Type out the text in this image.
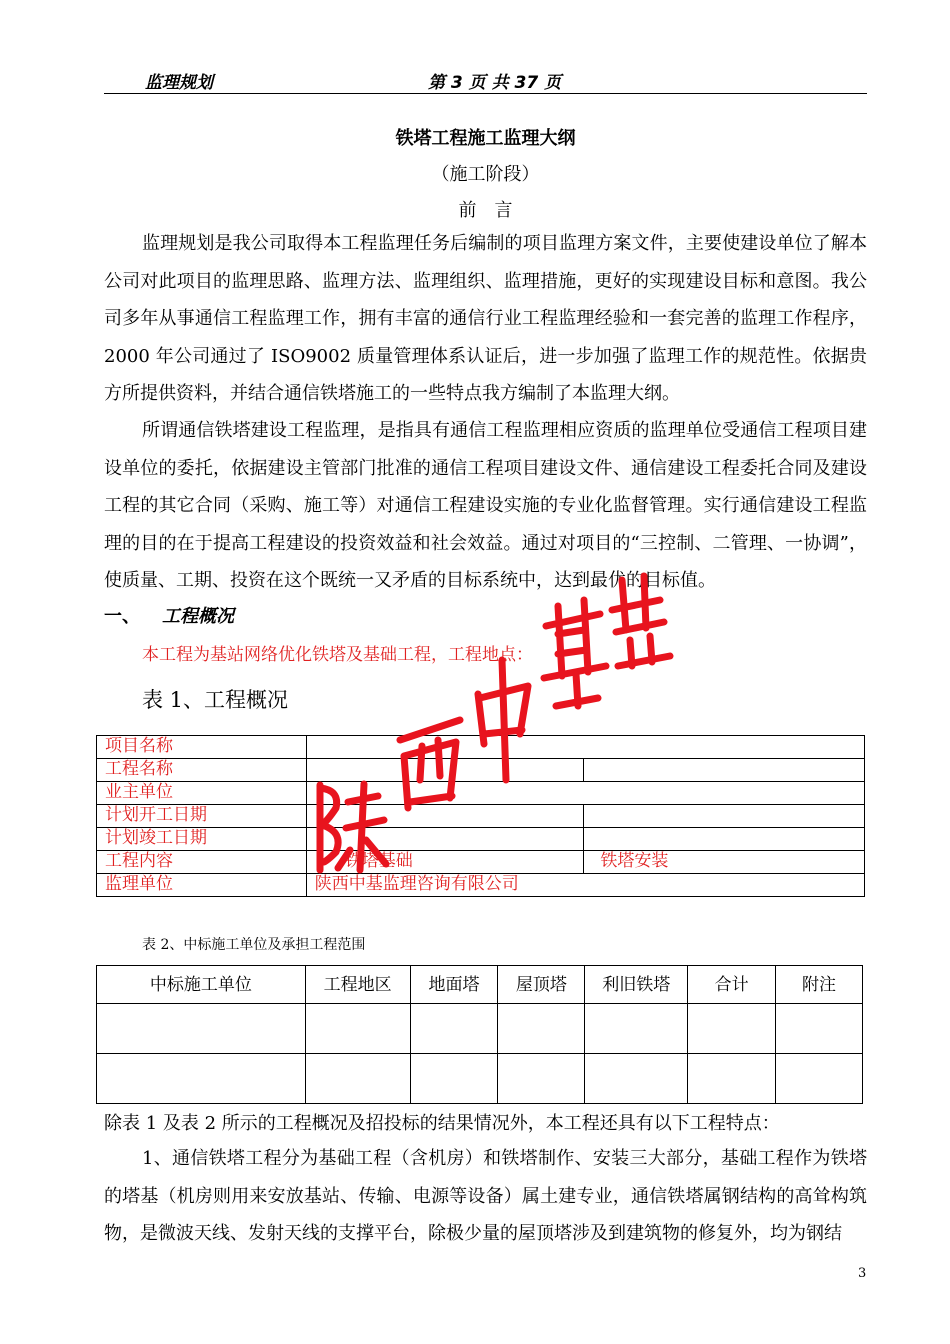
监理规划	第 3 页 共 37 页
铁塔工程施工监理大纲
（施工阶段）
前　言
监理规划是我公司取得本工程监理任务后编制的项目监理方案文件，主要使建设单位了解本公司对此项目的监理思路、监理方法、监理组织、监理措施，更好的实现建设目标和意图。我公司多年从事通信工程监理工作，拥有丰富的通信行业工程监理经验和一套完善的监理工作程序，2000 年公司通过了 ISO9002 质量管理体系认证后，进一步加强了监理工作的规范性。依据贵方所提供资料，并结合通信铁塔施工的一些特点我方编制了本监理大纲。
所谓通信铁塔建设工程监理，是指具有通信工程监理相应资质的监理单位受通信工程项目建设单位的委托，依据建设主管部门批准的通信工程项目建设文件、通信建设工程委托合同及建设工程的其它合同（采购、施工等）对通信工程建设实施的专业化监督管理。实行通信建设工程监理的目的在于提高工程建设的投资效益和社会效益。通过对项目的“三控制、二管理、一协调”，使质量、工期、投资在这个既统一又矛盾的目标系统中，达到最优的目标值。
一、 工程概况
本工程为基站网络优化铁塔及基础工程，工程地点：
表 1、工程概况
项目名称		
工程名称		
业主单位		
计划开工日期		
计划竣工日期		
工程内容	铁塔基础	铁塔安装
监理单位	陕西中基监理咨询有限公司	
表 2、中标施工单位及承担工程范围
中标施工单位	工程地区	地面塔	屋顶塔	利旧铁塔	合计	附注

除表 1 及表 2 所示的工程概况及招投标的结果情况外，本工程还具有以下工程特点：
1、通信铁塔工程分为基础工程（含机房）和铁塔制作、安装三大部分，基础工程作为铁塔的塔基（机房则用来安放基站、传输、电源等设备）属土建专业，通信铁塔属钢结构的高耸构筑物，是微波天线、发射天线的支撑平台，除极少量的屋顶塔涉及到建筑物的修复外，均为钢结
3
